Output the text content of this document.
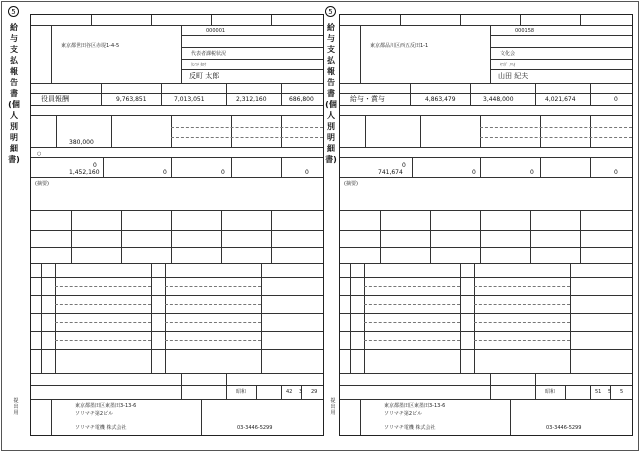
東京都世田谷区赤堤1-4-5
000001
代表者課税状況
ﾀﾝﾏﾁ ﾀﾛｳ
反町 太郎
役員報酬	9,763,851	7,013,051	2,312,160	686,800
380,000
○
0
1,452,160	0	0	0
(摘要)
昭和	42 3 29
東京都墨田区東墨田3-13-6
ソリマチ第2ビル
ソリマチ電機 株式会社	03-3446-5299
5
給与支払報告書(個人別明細書)
提出用
東京都品川区西五反田1-1
000158
文化会
ﾔﾏﾀﾞ ﾉﾘｵ
山田 紀夫
給与・賞与	4,863,479	3,448,000	4,021,674	0
0
741,674	0	0	0
(摘要)
昭和	51 5 5
東京都墨田区東墨田3-13-6
ソリマチ第2ビル
ソリマチ電機 株式会社	03-3446-5299
5
給与支払報告書(個人別明細書)
提出用
